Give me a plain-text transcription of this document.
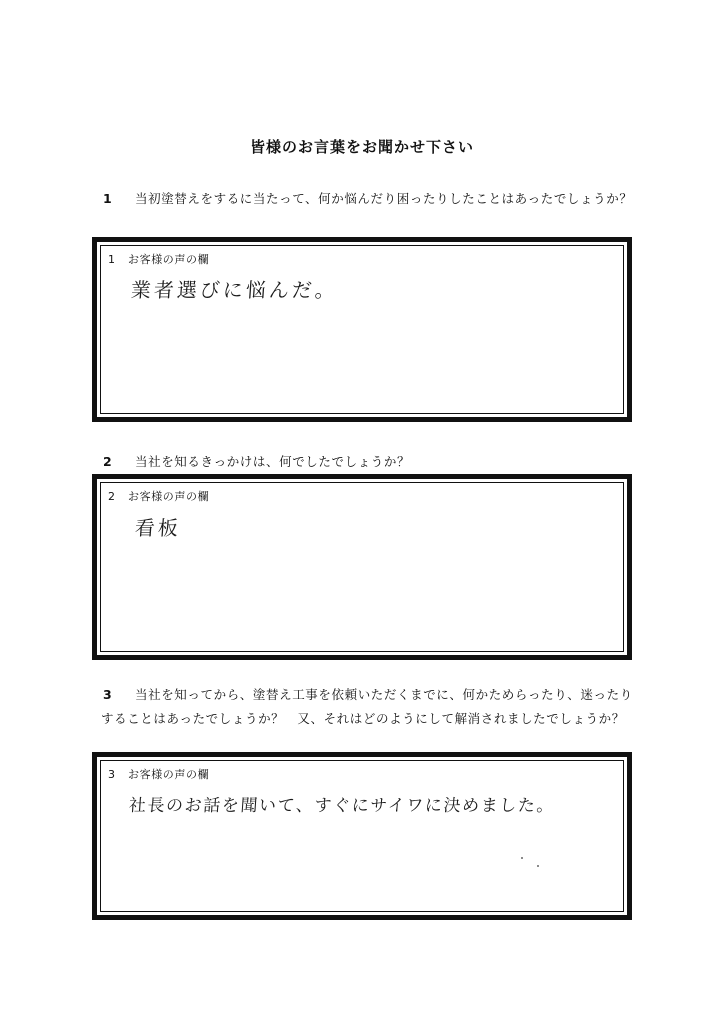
皆様のお言葉をお聞かせ下さい
1 当初塗替えをするに当たって、何か悩んだり困ったりしたことはあったでしょうか？
1 お客様の声の欄
業者選びに悩んだ。
2 当社を知るきっかけは、何でしたでしょうか？
2 お客様の声の欄
看板
3 当社を知ってから、塗替え工事を依頼いただくまでに、何かためらったり、迷ったりすることはあったでしょうか？　又、それはどのようにして解消されましたでしょうか？
3 お客様の声の欄
社長のお話を聞いて、すぐにサイワに決めました。
